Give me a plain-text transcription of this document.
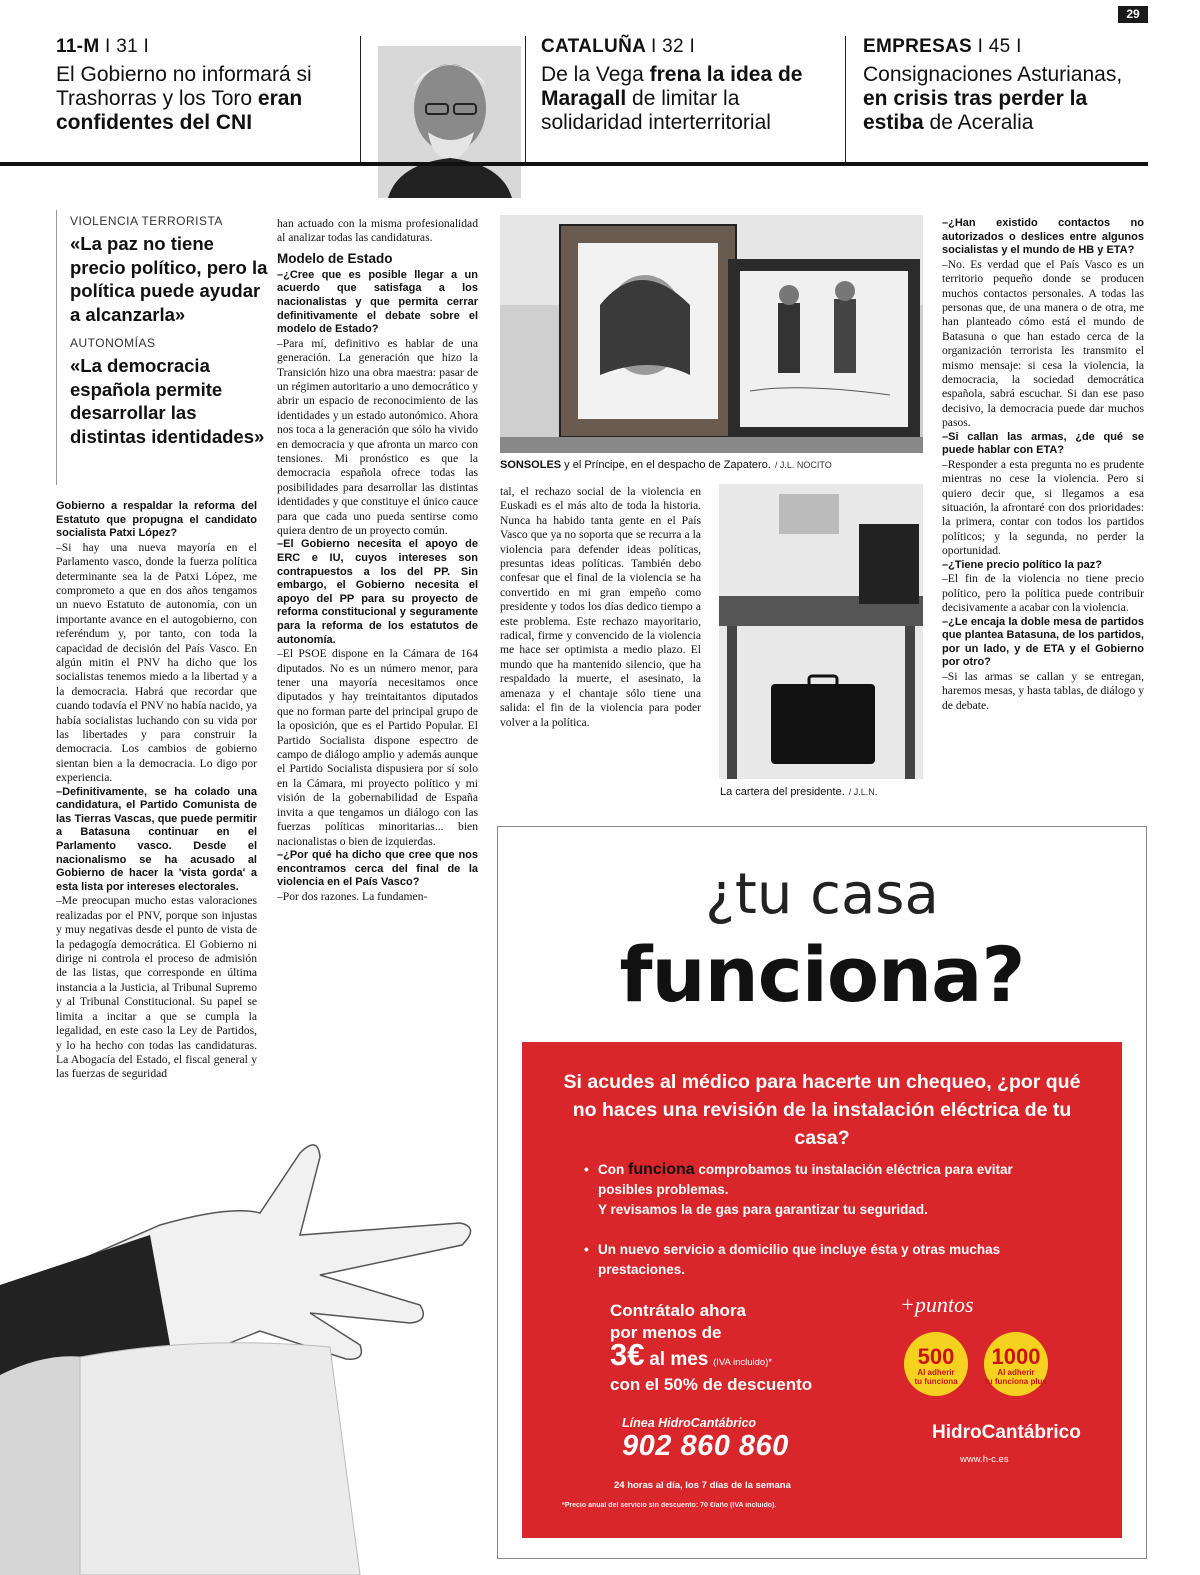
29
11-M I 31 I
El Gobierno no informará si Trashorras y los Toro eran confidentes del CNI
CATALUÑA I 32 I
De la Vega frena la idea de Maragall de limitar la solidaridad interterritorial
EMPRESAS I 45 I
Consignaciones Asturianas, en crisis tras perder la estiba de Aceralia
VIOLENCIA TERRORISTA
«La paz no tiene precio político, pero la política puede ayudar a alcanzarla»
AUTONOMÍAS
«La democracia española permite desarrollar las distintas identidades»

Gobierno a respaldar la reforma del Estatuto que propugna el candidato socialista Patxi López?

–Si hay una nueva mayoría en el Parlamento vasco, donde la fuerza política determinante sea la de Patxi López, me comprometo a que en dos años tengamos un nuevo Estatuto de autonomía, con un importante avance en el autogobierno, con referéndum y, por tanto, con toda la capacidad de decisión del País Vasco. En algún mitin el PNV ha dicho que los socialistas tenemos miedo a la libertad y a la democracia. Habrá que recordar que cuando todavía el PNV no había nacido, ya había socialistas luchando con su vida por las libertades y para construir la democracia. Los cambios de gobierno sientan bien a la democracia. Lo digo por experiencia.

–Definitivamente, se ha colado una candidatura, el Partido Comunista de las Tierras Vascas, que puede permitir a Batasuna continuar en el Parlamento vasco. Desde el nacionalismo se ha acusado al Gobierno de hacer la 'vista gorda' a esta lista por intereses electorales.

–Me preocupan mucho estas valoraciones realizadas por el PNV, porque son injustas y muy negativas desde el punto de vista de la pedagogía democrática. El Gobierno ni dirige ni controla el proceso de admisión de las listas, que corresponde en última instancia a la Justicia, al Tribunal Supremo y al Tribunal Constitucional. Su papel se limita a incitar a que se cumpla la legalidad, en este caso la Ley de Partidos, y lo ha hecho con todas las candidaturas. La Abogacía del Estado, el fiscal general y las fuerzas de seguridad

han actuado con la misma profesionalidad al analizar todas las candidaturas.

Modelo de Estado

–¿Cree que es posible llegar a un acuerdo que satisfaga a los nacionalistas y que permita cerrar definitivamente el debate sobre el modelo de Estado?

–Para mí, definitivo es hablar de una generación. La generación que hizo la Transición hizo una obra maestra: pasar de un régimen autoritario a uno democrático y abrir un espacio de reconocimiento de las identidades y un estado autonómico. Ahora nos toca a la generación que sólo ha vivido en democracia y que afronta un marco con tensiones. Mi pronóstico es que la democracia española ofrece todas las posibilidades para desarrollar las distintas identidades y que constituye el único cauce para que cada uno pueda sentirse como quiera dentro de un proyecto común.

–El Gobierno necesita el apoyo de ERC e IU, cuyos intereses son contrapuestos a los del PP. Sin embargo, el Gobierno necesita el apoyo del PP para su proyecto de reforma constitucional y seguramente para la reforma de los estatutos de autonomía.

–El PSOE dispone en la Cámara de 164 diputados. No es un número menor, para tener una mayoría necesitamos once diputados y hay treintaitantos diputados que no forman parte del principal grupo de la oposición, que es el Partido Popular. El Partido Socialista dispone espectro de campo de diálogo amplio y además aunque el Partido Socialista dispusiera por sí solo en la Cámara, mi proyecto político y mi visión de la gobernabilidad de España invita a que tengamos un diálogo con las fuerzas políticas minoritarias... bien nacionalistas o bien de izquierdas.

–¿Por qué ha dicho que cree que nos encontramos cerca del final de la violencia en el País Vasco?

–Por dos razones. La fundamen-

SONSOLES y el Príncipe, en el despacho de Zapatero. / J.L. NOCITO

tal, el rechazo social de la violencia en Euskadi es el más alto de toda la historia. Nunca ha habido tanta gente en el País Vasco que ya no soporta que se recurra a la violencia para defender ideas políticas, presuntas ideas políticas. También debo confesar que el final de la violencia se ha convertido en mi gran empeño como presidente y todos los días dedico tiempo a este problema. Este rechazo mayoritario, radical, firme y convencido de la violencia me hace ser optimista a medio plazo. El mundo que ha mantenido silencio, que ha respaldado la muerte, el asesinato, la amenaza y el chantaje sólo tiene una salida: el fin de la violencia para poder volver a la política.

La cartera del presidente. / J.L.N.

–¿Han existido contactos no autorizados o deslices entre algunos socialistas y el mundo de HB y ETA?

–No. Es verdad que el País Vasco es un territorio pequeño donde se producen muchos contactos personales. A todas las personas que, de una manera o de otra, me han planteado cómo está el mundo de Batasuna o que han estado cerca de la organización terrorista les transmito el mismo mensaje: si cesa la violencia, la democracia, la sociedad democrática española, sabrá escuchar. Si dan ese paso decisivo, la democracia puede dar muchos pasos.

–Si callan las armas, ¿de qué se puede hablar con ETA?

–Responder a esta pregunta no es prudente mientras no cese la violencia. Pero si quiero decir que, si llegamos a esa situación, la afrontaré con dos prioridades: la primera, contar con todos los partidos políticos; y la segunda, no perder la oportunidad.

–¿Tiene precio político la paz?

–El fin de la violencia no tiene precio político, pero la política puede contribuir decisivamente a acabar con la violencia.

–¿Le encaja la doble mesa de partidos que plantea Batasuna, de los partidos, por un lado, y de ETA y el Gobierno por otro?

–Si las armas se callan y se entregan, haremos mesas, y hasta tablas, de diálogo y de debate.

¿tu casa
funciona?
Si acudes al médico para hacerte un chequeo, ¿por qué no haces una revisión de la instalación eléctrica de tu casa?
• Con funciona comprobamos tu instalación eléctrica para evitar posibles problemas.
Y revisamos la de gas para garantizar tu seguridad.
• Un nuevo servicio a domicilio que incluye ésta y otras muchas prestaciones.
Contrátalo ahora
por menos de
3€ al mes (IVA incluido)*
con el 50% de descuento
+puntos
500
Al adherir
tu funciona
1000
Al adherir
tu funciona plus
Línea HidroCantábrico
902 860 860
24 horas al día, los 7 días de la semana
HidroCantábrico
www.h-c.es
*Precio anual del servicio sin descuento: 70 €/año (IVA incluido).
